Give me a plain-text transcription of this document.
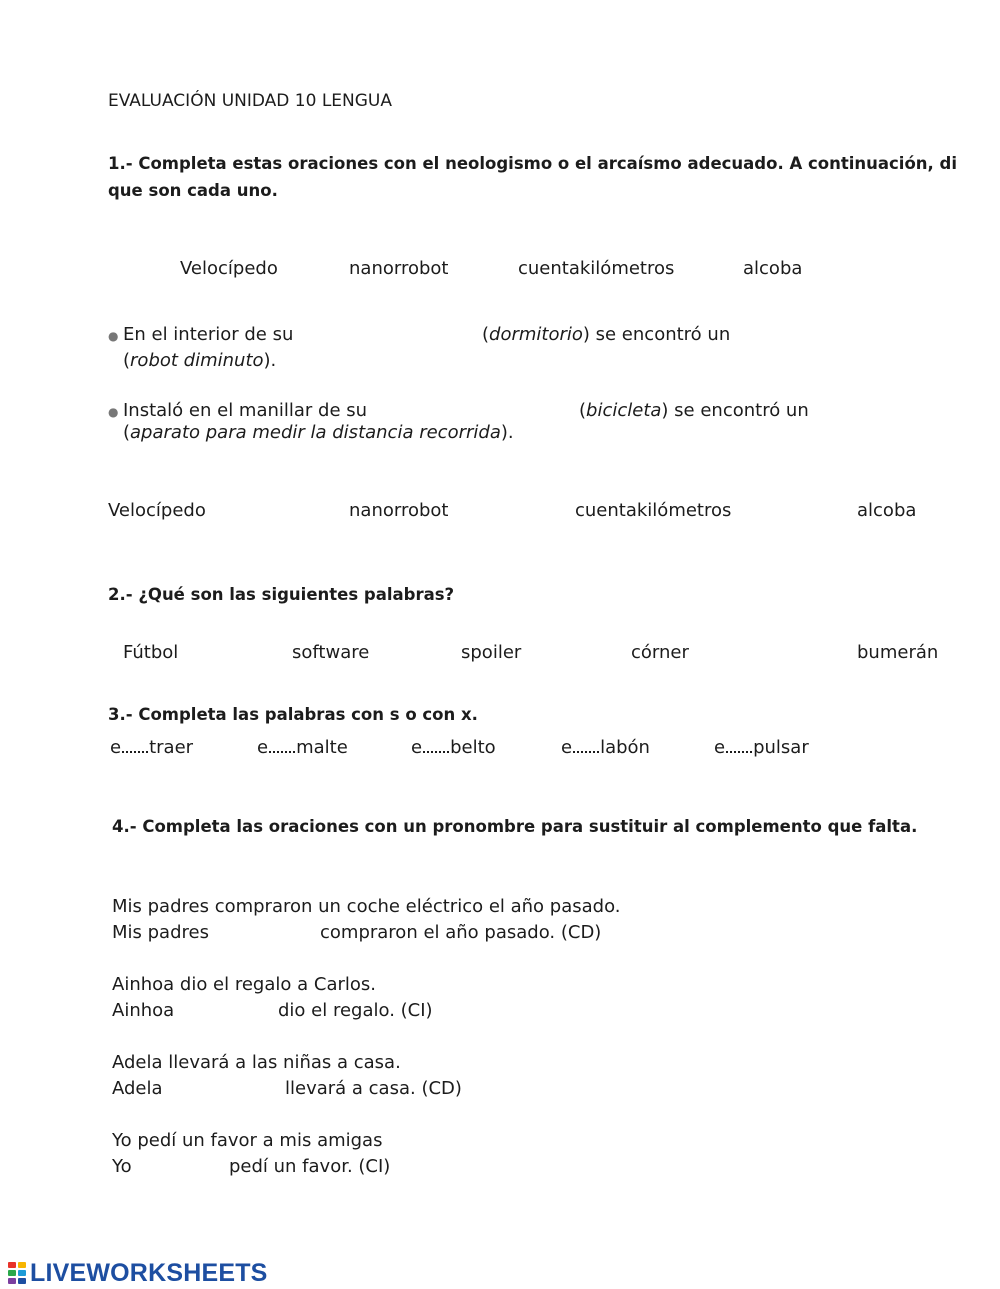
EVALUACIÓN UNIDAD 10 LENGUA
1.- Completa estas oraciones con el neologismo o el arcaísmo adecuado. A continuación, di
que son cada uno.
Velocípedo	nanorrobot	cuentakilómetros	alcoba
● En el interior de su	(dormitorio) se encontró un
(robot diminuto).
● Instaló en el manillar de su	(bicicleta) se encontró un
(aparato para medir la distancia recorrida).
Velocípedo	nanorrobot	cuentakilómetros	alcoba
2.- ¿Qué son las siguientes palabras?
Fútbol	software	spoiler	córner	bumerán
3.- Completa las palabras con s o con x.
e traer	e malte	e belto	e labón	e pulsar
4.- Completa las oraciones con un pronombre para sustituir al complemento que falta.
Mis padres compraron un coche eléctrico el año pasado.
Mis padres	compraron el año pasado. (CD)
Ainhoa dio el regalo a Carlos.
Ainhoa	dio el regalo. (CI)
Adela llevará a las niñas a casa.
Adela	llevará a casa. (CD)
Yo pedí un favor a mis amigas
Yo	pedí un favor. (CI)
LIVEWORKSHEETS
